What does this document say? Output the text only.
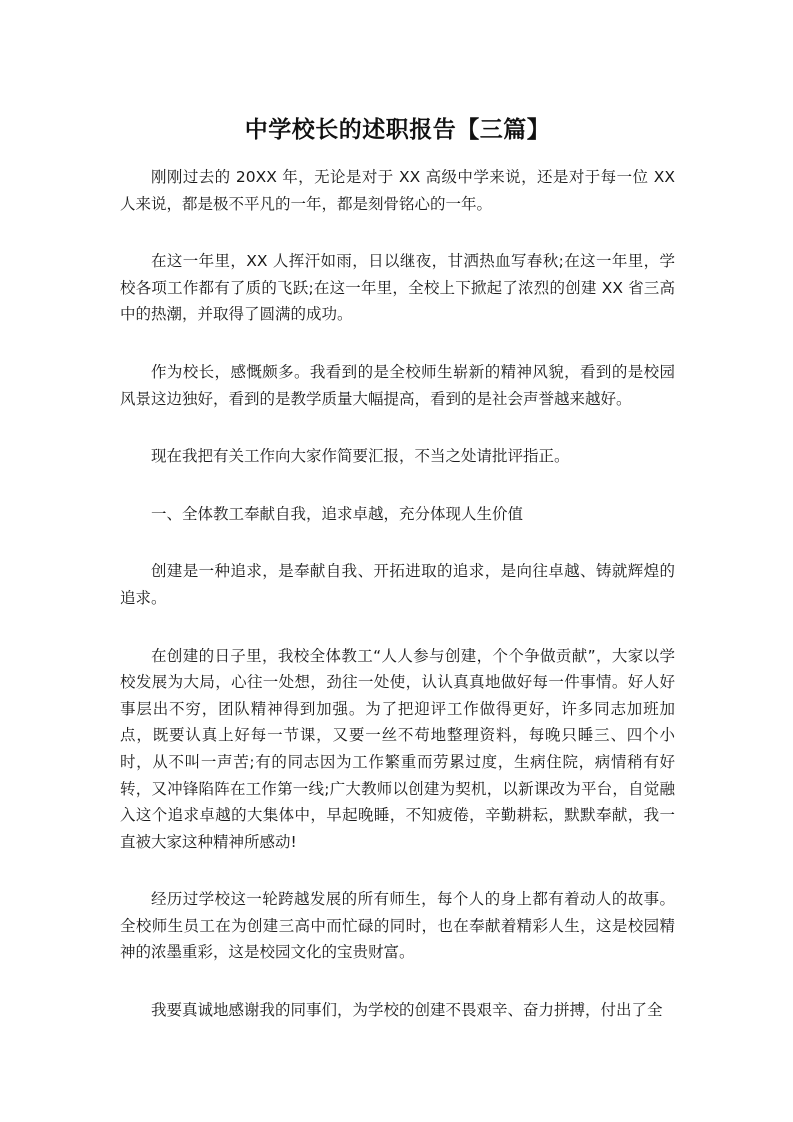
中学校长的述职报告【三篇】

刚刚过去的 20XX 年，无论是对于 XX 高级中学来说，还是对于每一位 XX 人来说，都是极不平凡的一年，都是刻骨铭心的一年。

在这一年里，XX 人挥汗如雨，日以继夜，甘洒热血写春秋;在这一年里，学校各项工作都有了质的飞跃;在这一年里，全校上下掀起了浓烈的创建 XX 省三高中的热潮，并取得了圆满的成功。

作为校长，感慨颇多。我看到的是全校师生崭新的精神风貌，看到的是校园风景这边独好，看到的是教学质量大幅提高，看到的是社会声誉越来越好。

现在我把有关工作向大家作简要汇报，不当之处请批评指正。

一、全体教工奉献自我，追求卓越，充分体现人生价值

创建是一种追求，是奉献自我、开拓进取的追求，是向往卓越、铸就辉煌的追求。

在创建的日子里，我校全体教工“人人参与创建，个个争做贡献”，大家以学校发展为大局，心往一处想，劲往一处使，认认真真地做好每一件事情。好人好事层出不穷，团队精神得到加强。为了把迎评工作做得更好，许多同志加班加点，既要认真上好每一节课，又要一丝不苟地整理资料，每晚只睡三、四个小时，从不叫一声苦;有的同志因为工作繁重而劳累过度，生病住院，病情稍有好转，又冲锋陷阵在工作第一线;广大教师以创建为契机，以新课改为平台，自觉融入这个追求卓越的大集体中，早起晚睡，不知疲倦，辛勤耕耘，默默奉献，我一直被大家这种精神所感动!

经历过学校这一轮跨越发展的所有师生，每个人的身上都有着动人的故事。全校师生员工在为创建三高中而忙碌的同时，也在奉献着精彩人生，这是校园精神的浓墨重彩，这是校园文化的宝贵财富。

我要真诚地感谢我的同事们，为学校的创建不畏艰辛、奋力拼搏，付出了全
